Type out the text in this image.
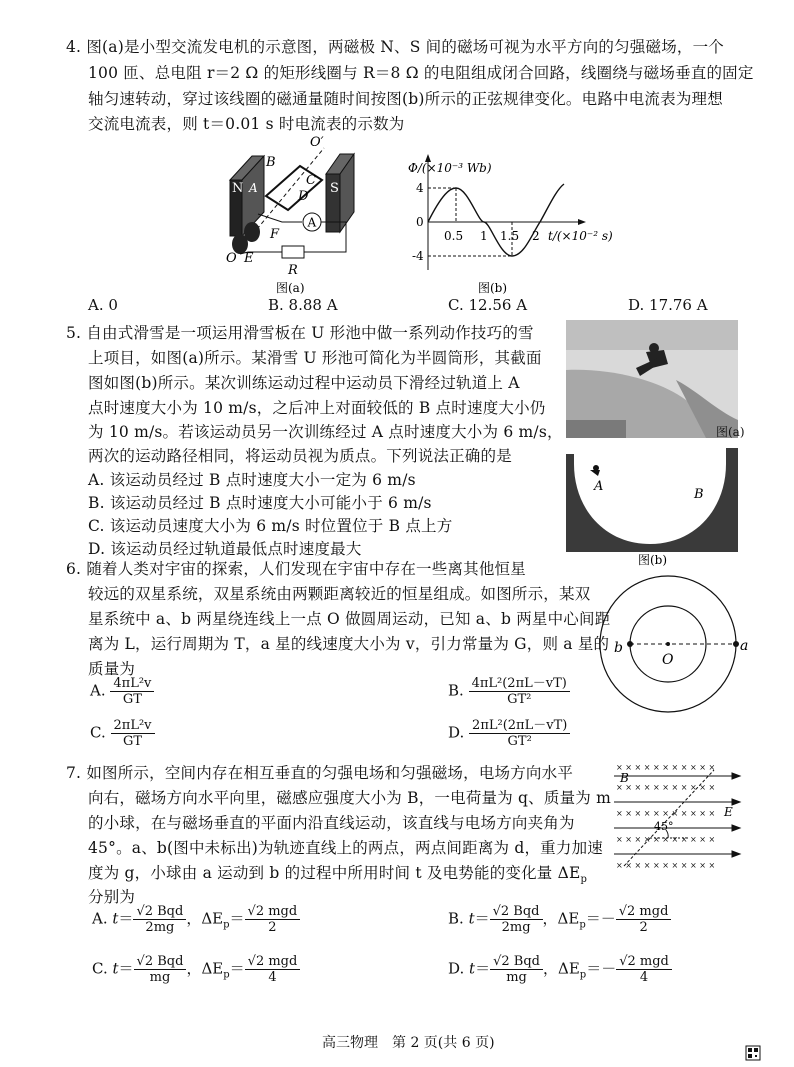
4. 图(a)是小型交流发电机的示意图，两磁极 N、S 间的磁场可视为水平方向的匀强磁场，一个
100 匝、总电阻 r＝2 Ω 的矩形线圈与 R＝8 Ω 的电阻组成闭合回路，线圈绕与磁场垂直的固定
轴匀速转动，穿过该线圈的磁通量随时间按图(b)所示的正弦规律变化。电路中电流表为理想
交流电流表，则 t＝0.01 s 时电流表的示数为
A
B
O′
C
N A	S
D
F
O E
R
图(a)
Φ/(×10⁻³ Wb)
4
0
-4
0.5 1 1.5 2 t/(×10⁻² s)
图(b)
A. 0	B. 8.88 A	C. 12.56 A	D. 17.76 A
5. 自由式滑雪是一项运用滑雪板在 U 形池中做一系列动作技巧的雪
上项目，如图(a)所示。某滑雪 U 形池可简化为半圆筒形，其截面
图如图(b)所示。某次训练运动过程中运动员下滑经过轨道上 A
点时速度大小为 10 m/s，之后冲上对面较低的 B 点时速度大小仍
为 10 m/s。若该运动员另一次训练经过 A 点时速度大小为 6 m/s，
两次的运动路径相同，将运动员视为质点。下列说法正确的是
A. 该运动员经过 B 点时速度大小一定为 6 m/s
B. 该运动员经过 B 点时速度大小可能小于 6 m/s
C. 该运动员速度大小为 6 m/s 时位置位于 B 点上方
D. 该运动员经过轨道最低点时速度最大
图(a)
A
B
图(b)
6. 随着人类对宇宙的探索，人们发现在宇宙中存在一些离其他恒星
较远的双星系统，双星系统由两颗距离较近的恒星组成。如图所示，某双
星系统中 a、b 两星绕连线上一点 O 做圆周运动，已知 a、b 两星中心间距
离为 L，运行周期为 T，a 星的线速度大小为 v，引力常量为 G，则 a 星的
质量为
b
O
a
A. $\frac{\text{4πL²v}}{GT}$	B. $\frac{\text{4πL²(2πL－vT)}}{\text{GT²}}$
C. $\frac{\text{2πL²v}}{GT}$	D. $\frac{\text{2πL²(2πL－vT)}}{\text{GT²}}$
7. 如图所示，空间内存在相互垂直的匀强电场和匀强磁场，电场方向水平
向右，磁场方向水平向里，磁感应强度大小为 B，一电荷量为 q、质量为 m
的小球，在与磁场垂直的平面内沿直线运动，该直线与电场方向夹角为
45°。a、b(图中未标出)为轨迹直线上的两点，两点间距离为 d，重力加速
度为 g，小球由 a 运动到 b 的过程中所用时间 t 及电势能的变化量 $\Delta E_p$
分别为
× × × × × × × × × × ×
× × × × × × × × × × ×
× × × × × × × × × × ×
× × × × × × × × × × ×
× × × × × × × × × × ×
B
E
45°
A. $t= \frac{\text{√2 Bqd}}{2mg}$ ，$\Delta E_p= \frac{\text{√2 mgd}}{2}$	B. $t= \frac{\text{√2 Bqd}}{2mg}$ ，$\Delta E_p=- \frac{\text{√2 mgd}}{2}$
C. $t= \frac{\text{√2 Bqd}}{mg}$ ，$\Delta E_p= \frac{\text{√2 mgd}}{4}$	D. $t= \frac{\text{√2 Bqd}}{mg}$ ，$\Delta E_p=- \frac{\text{√2 mgd}}{4}$
高三物理　第 2 页(共 6 页)
